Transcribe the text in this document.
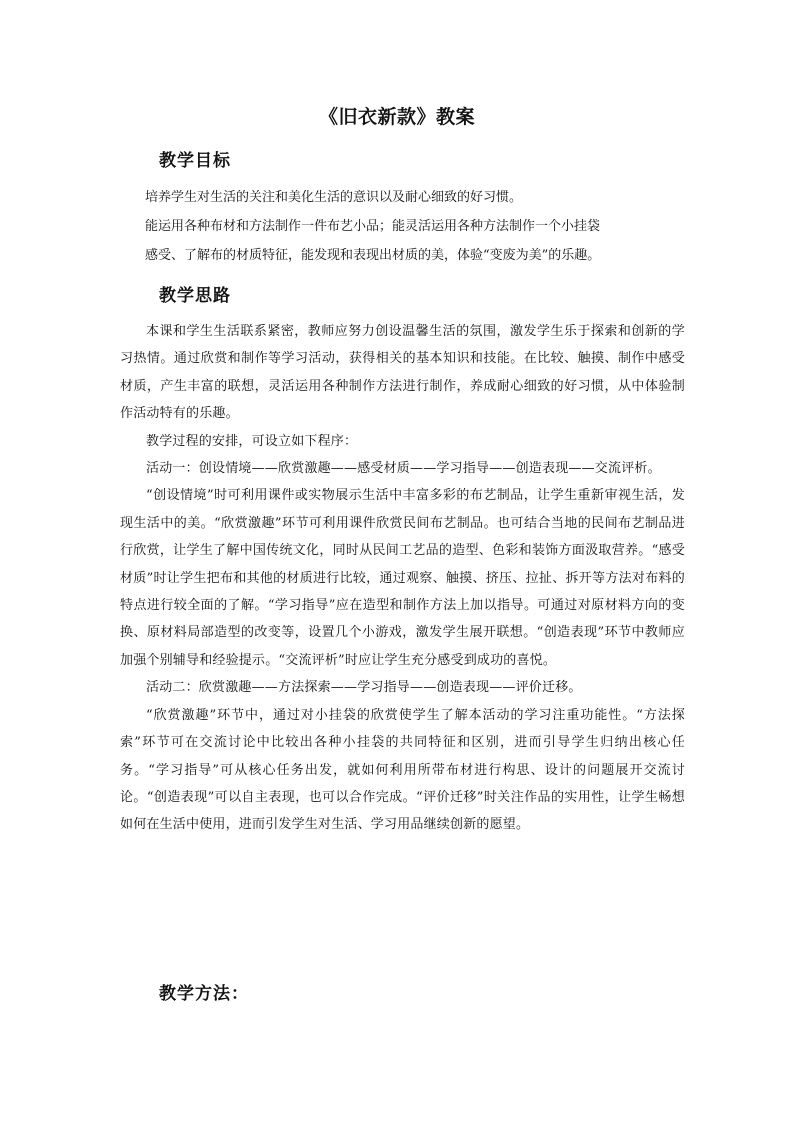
《旧衣新款》教案
教学目标
培养学生对生活的关注和美化生活的意识以及耐心细致的好习惯。
能运用各种布材和方法制作一件布艺小品；能灵活运用各种方法制作一个小挂袋
感受、了解布的材质特征，能发现和表现出材质的美，体验“变废为美”的乐趣。
教学思路

本课和学生生活联系紧密，教师应努力创设温馨生活的氛围，激发学生乐于探索和创新的学习热情。通过欣赏和制作等学习活动，获得相关的基本知识和技能。在比较、触摸、制作中感受材质，产生丰富的联想，灵活运用各种制作方法进行制作，养成耐心细致的好习惯，从中体验制作活动特有的乐趣。

教学过程的安排，可设立如下程序：

活动一：创设情境——欣赏激趣——感受材质——学习指导——创造表现——交流评析。

“创设情境”时可利用课件或实物展示生活中丰富多彩的布艺制品，让学生重新审视生活，发现生活中的美。“欣赏激趣”环节可利用课件欣赏民间布艺制品。也可结合当地的民间布艺制品进行欣赏，让学生了解中国传统文化，同时从民间工艺品的造型、色彩和装饰方面汲取营养。“感受材质”时让学生把布和其他的材质进行比较，通过观察、触摸、挤压、拉扯、拆开等方法对布料的特点进行较全面的了解。“学习指导”应在造型和制作方法上加以指导。可通过对原材料方向的变换、原材料局部造型的改变等，设置几个小游戏，激发学生展开联想。“创造表现”环节中教师应加强个别辅导和经验提示。“交流评析”时应让学生充分感受到成功的喜悦。

活动二：欣赏激趣——方法探索——学习指导——创造表现——评价迁移。

“欣赏激趣”环节中，通过对小挂袋的欣赏使学生了解本活动的学习注重功能性。“方法探索”环节可在交流讨论中比较出各种小挂袋的共同特征和区别，进而引导学生归纳出核心任务。“学习指导”可从核心任务出发，就如何利用所带布材进行构思、设计的问题展开交流讨论。“创造表现”可以自主表现，也可以合作完成。“评价迁移”时关注作品的实用性，让学生畅想如何在生活中使用，进而引发学生对生活、学习用品继续创新的愿望。

教学方法：
